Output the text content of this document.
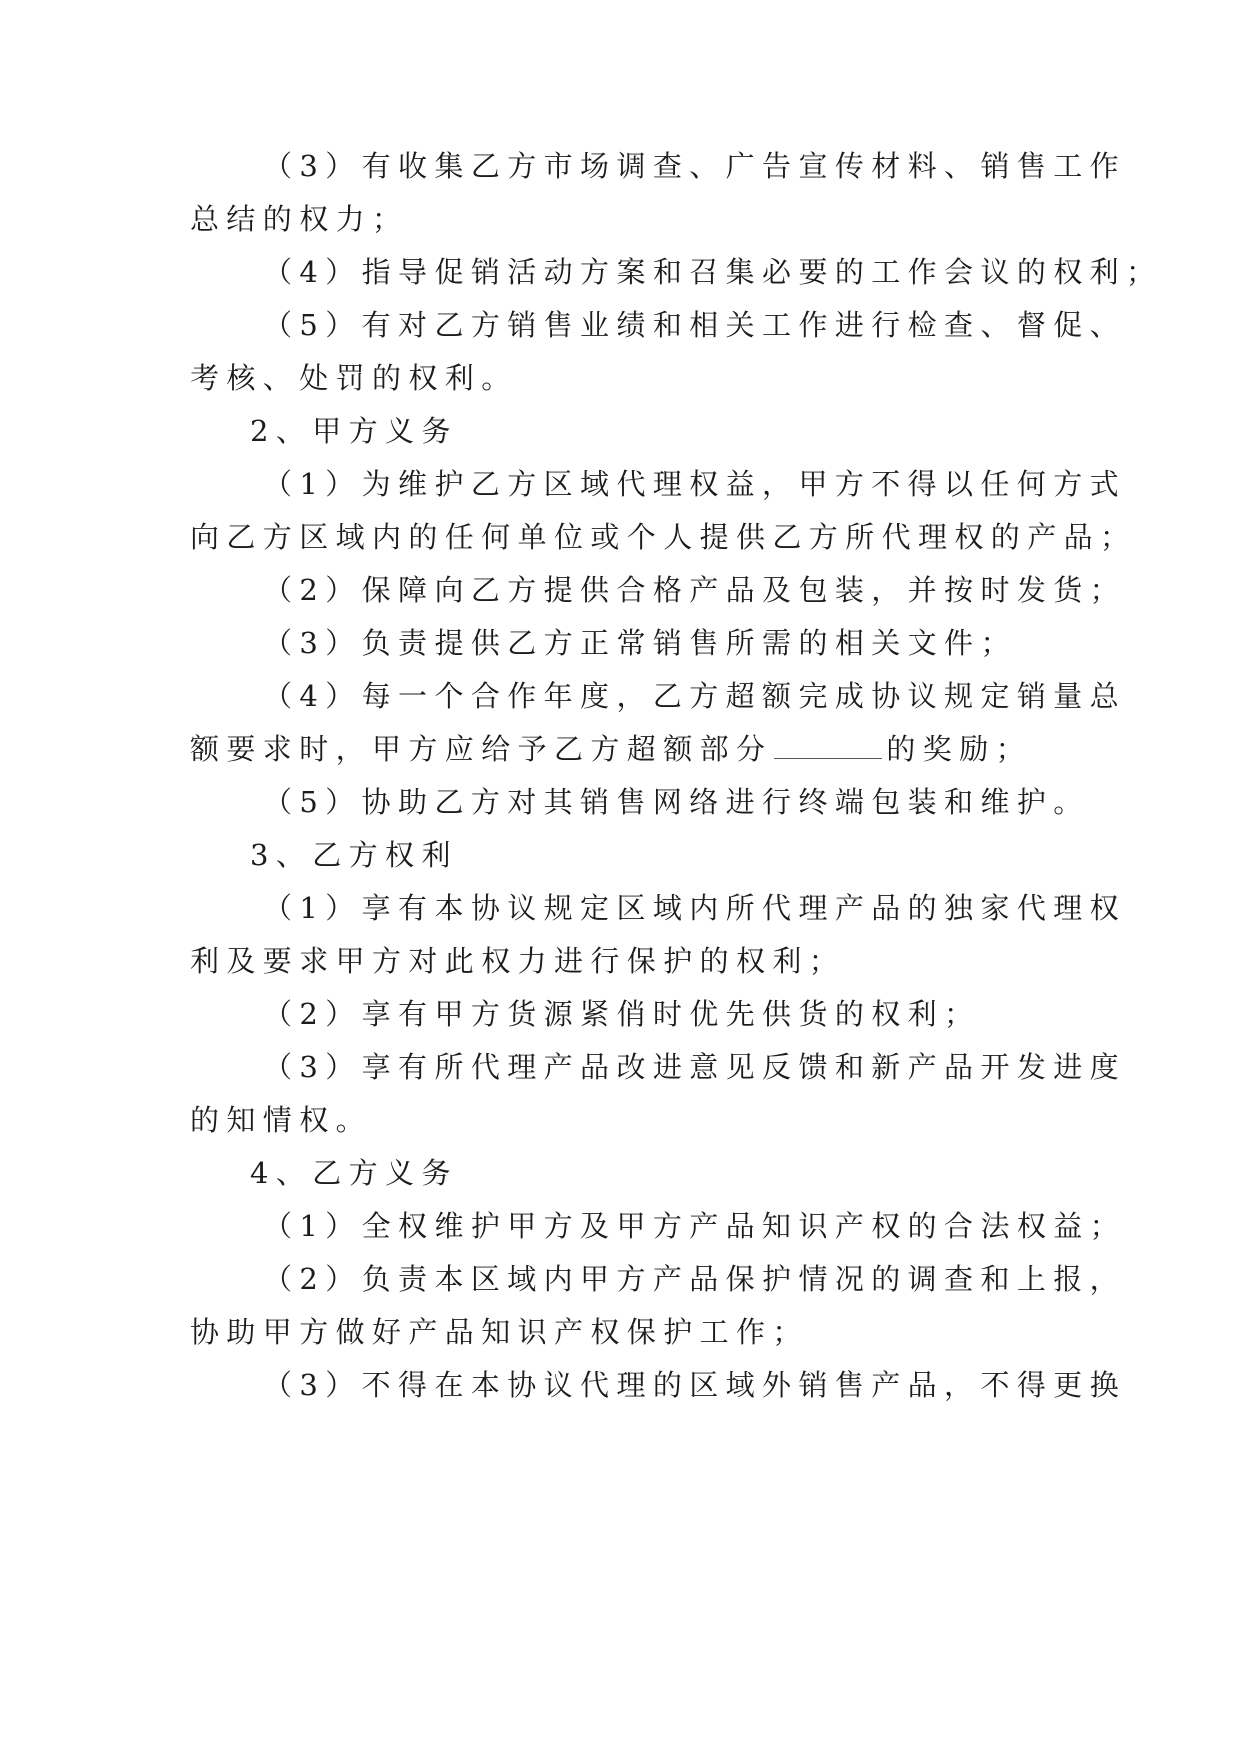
（3）有收集乙方市场调查、广告宣传材料、销售工作
总结的权力；
（4）指导促销活动方案和召集必要的工作会议的权利；
（5）有对乙方销售业绩和相关工作进行检查、督促、
考核、处罚的权利。
2、甲方义务
（1）为维护乙方区域代理权益，甲方不得以任何方式
向乙方区域内的任何单位或个人提供乙方所代理权的产品；
（2）保障向乙方提供合格产品及包装，并按时发货；
（3）负责提供乙方正常销售所需的相关文件；
（4）每一个合作年度，乙方超额完成协议规定销量总
额要求时，甲方应给予乙方超额部分	的奖励；
（5）协助乙方对其销售网络进行终端包装和维护。
3、乙方权利
（1）享有本协议规定区域内所代理产品的独家代理权
利及要求甲方对此权力进行保护的权利；
（2）享有甲方货源紧俏时优先供货的权利；
（3）享有所代理产品改进意见反馈和新产品开发进度
的知情权。
4、乙方义务
（1）全权维护甲方及甲方产品知识产权的合法权益；
（2）负责本区域内甲方产品保护情况的调查和上报，
协助甲方做好产品知识产权保护工作；
（3）不得在本协议代理的区域外销售产品，不得更换
